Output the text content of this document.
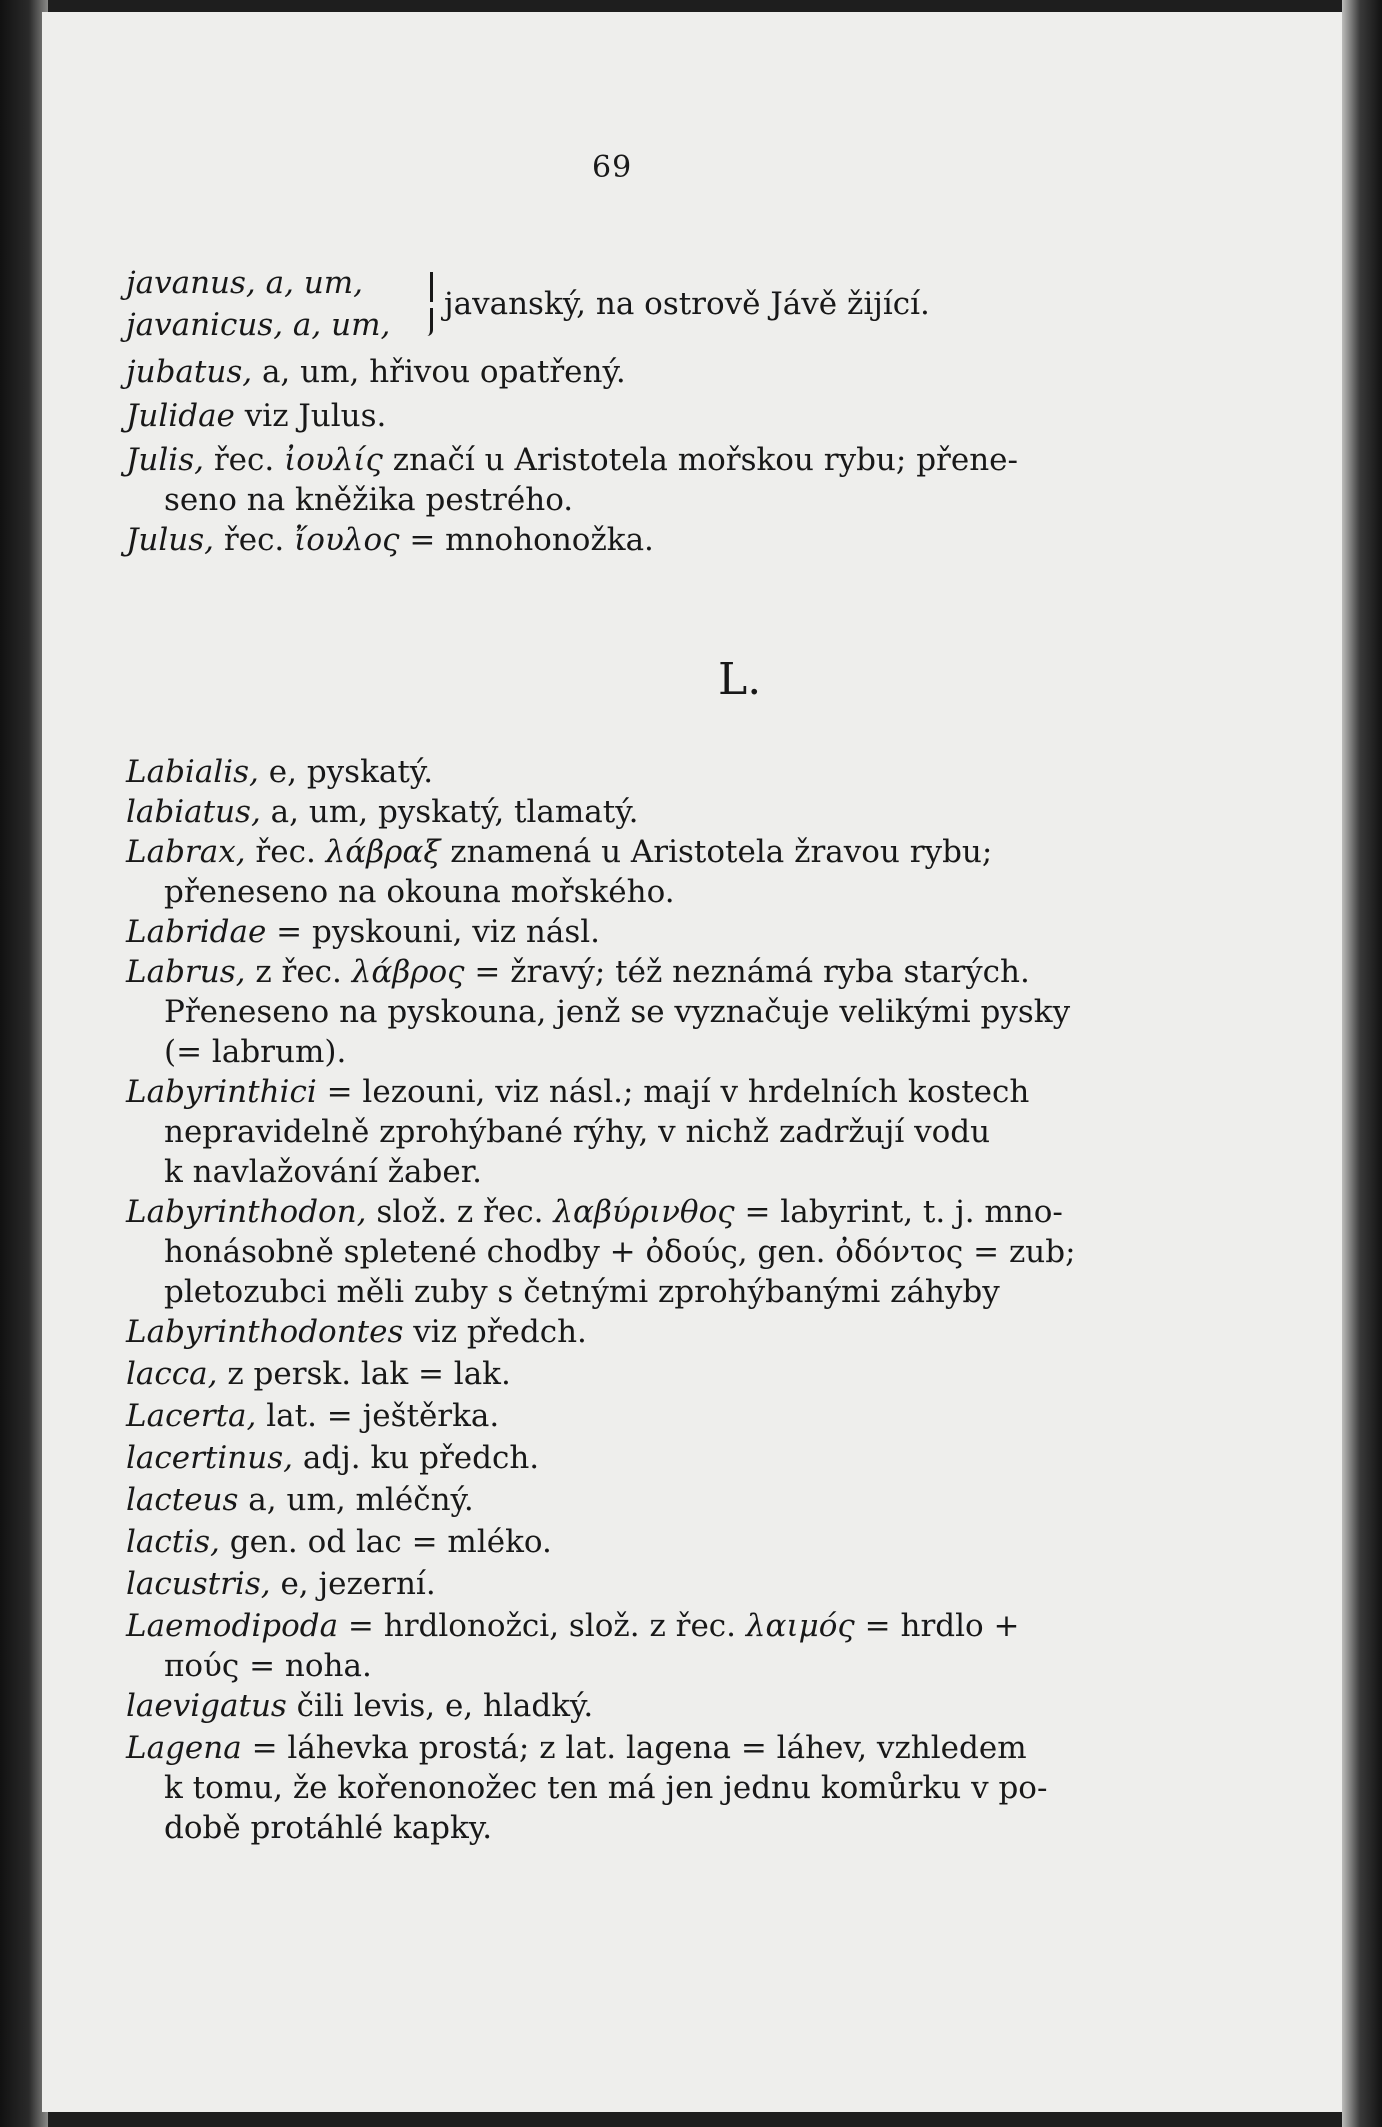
69
javanus, a, um,
javanicus, a, um,
javanský, na ostrově Jávě žijící.
jubatus, a, um, hřivou opatřený.
Julidae viz Julus.
Julis, řec. ἰουλίς značí u Aristotela mořskou rybu; přene-
seno na kněžika pestrého.
Julus, řec. ἴουλος = mnohonožka.
L.
Labialis, e, pyskatý.
labiatus, a, um, pyskatý, tlamatý.
Labrax, řec. λάβραξ znamená u Aristotela žravou rybu;
přeneseno na okouna mořského.
Labridae = pyskouni, viz násl.
Labrus, z řec. λάβρος = žravý; též neznámá ryba starých.
Přeneseno na pyskouna, jenž se vyznačuje velikými pysky
(= labrum).
Labyrinthici = lezouni, viz násl.; mají v hrdelních kostech
nepravidelně zprohýbané rýhy, v nichž zadržují vodu
k navlažování žaber.
Labyrinthodon, slož. z řec. λαβύρινθος = labyrint, t. j. mno-
honásobně spletené chodby + ὀδούς, gen. ὀδόντος = zub;
pletozubci měli zuby s četnými zprohýbanými záhyby
Labyrinthodontes viz předch.
lacca, z persk. lak = lak.
Lacerta, lat. = ještěrka.
lacertinus, adj. ku předch.
lacteus a, um, mléčný.
lactis, gen. od lac = mléko.
lacustris, e, jezerní.
Laemodipoda = hrdlonožci, slož. z řec. λαιμός = hrdlo +
πούς = noha.
laevigatus čili levis, e, hladký.
Lagena = láhevka prostá; z lat. lagena = láhev, vzhledem
k tomu, že kořenonožec ten má jen jednu komůrku v po-
době protáhlé kapky.
